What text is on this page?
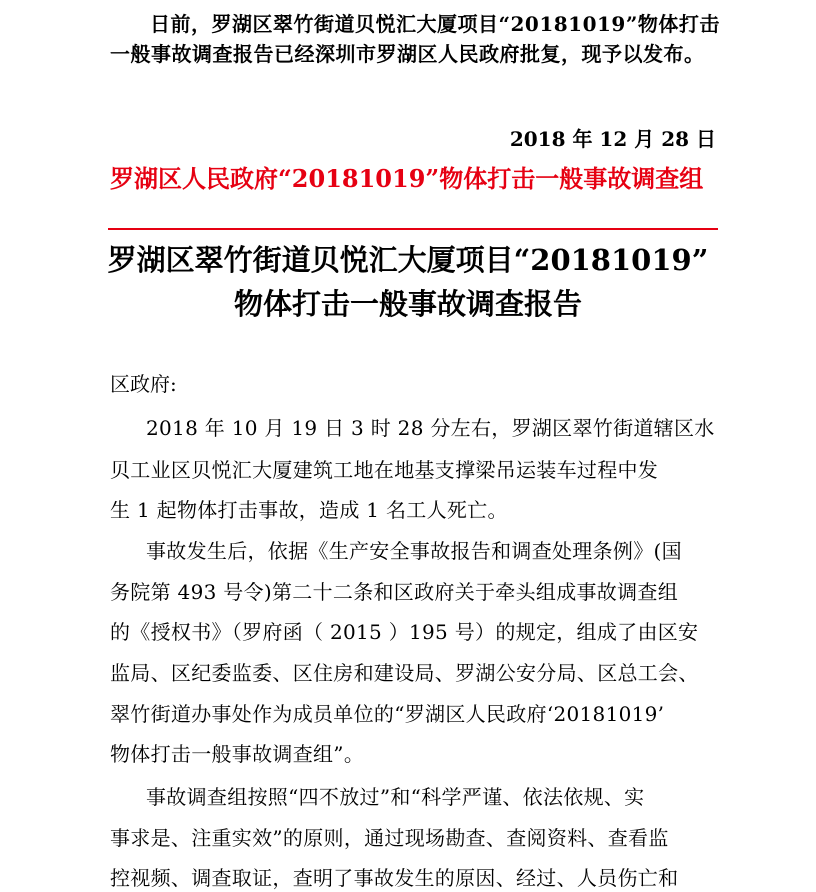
日前，罗湖区翠竹街道贝悦汇大厦项目“20181019”物体打击
一般事故调查报告已经深圳市罗湖区人民政府批复，现予以发布。
2018 年 12 月 28 日
罗湖区人民政府“20181019”物体打击一般事故调查组
罗湖区翠竹街道贝悦汇大厦项目“20181019”
物体打击一般事故调查报告
区政府:
2018 年 10 月 19 日 3 时 28 分左右，罗湖区翠竹街道辖区水
贝工业区贝悦汇大厦建筑工地在地基支撑梁吊运装车过程中发
生 1 起物体打击事故，造成 1 名工人死亡。
事故发生后，依据《生产安全事故报告和调查处理条例》(国
务院第 493 号令)第二十二条和区政府关于牵头组成事故调查组
的《授权书》（罗府函（ 2015 ）195 号）的规定，组成了由区安
监局、区纪委监委、区住房和建设局、罗湖公安分局、区总工会、
翠竹街道办事处作为成员单位的“罗湖区人民政府‘20181019’
物体打击一般事故调查组”。
事故调查组按照“四不放过”和“科学严谨、依法依规、实
事求是、注重实效”的原则，通过现场勘查、查阅资料、查看监
控视频、调查取证，查明了事故发生的原因、经过、人员伤亡和
